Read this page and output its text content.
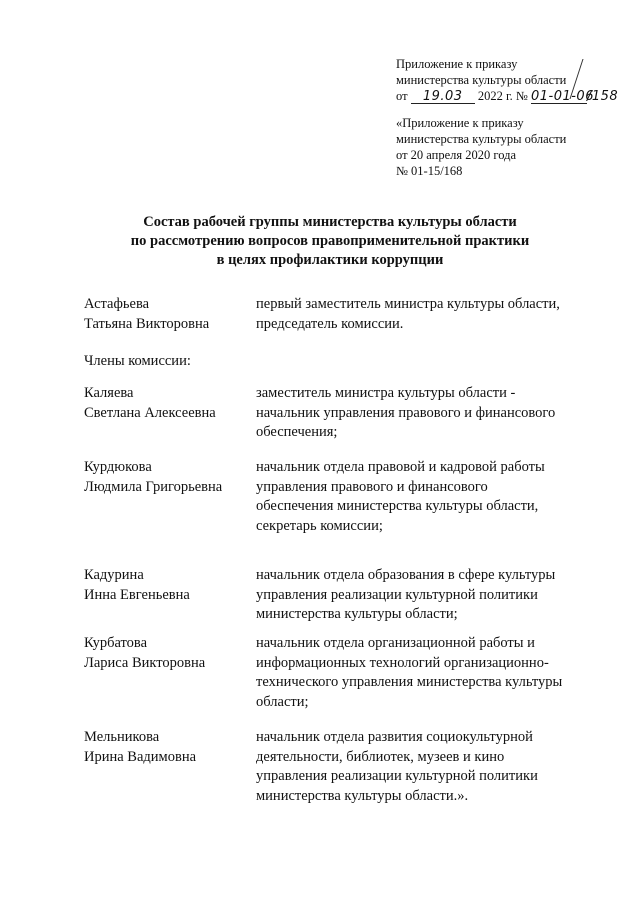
Приложение к приказу
министерства культуры области
от 19.03 2022 г. № 01-01-06/158
«Приложение к приказу
министерства культуры области
от 20 апреля 2020 года
№ 01-15/168
Состав рабочей группы министерства культуры области
по рассмотрению вопросов правоприменительной практики
в целях профилактики коррупции
Астафьева
Татьяна Викторовна
первый заместитель министра культуры области,
председатель комиссии.
Члены комиссии:
Каляева
Светлана Алексеевна
заместитель министра культуры области -
начальник управления правового и финансового
обеспечения;
Курдюкова
Людмила Григорьевна
начальник отдела правовой и кадровой работы
управления правового и финансового
обеспечения министерства культуры области,
секретарь комиссии;
Кадурина
Инна Евгеньевна
начальник отдела образования в сфере культуры
управления реализации культурной политики
министерства культуры области;
Курбатова
Лариса Викторовна
начальник отдела организационной работы и
информационных технологий организационно-
технического управления министерства культуры
области;
Мельникова
Ирина Вадимовна
начальник отдела развития социокультурной
деятельности, библиотек, музеев и кино
управления реализации культурной политики
министерства культуры области.».
